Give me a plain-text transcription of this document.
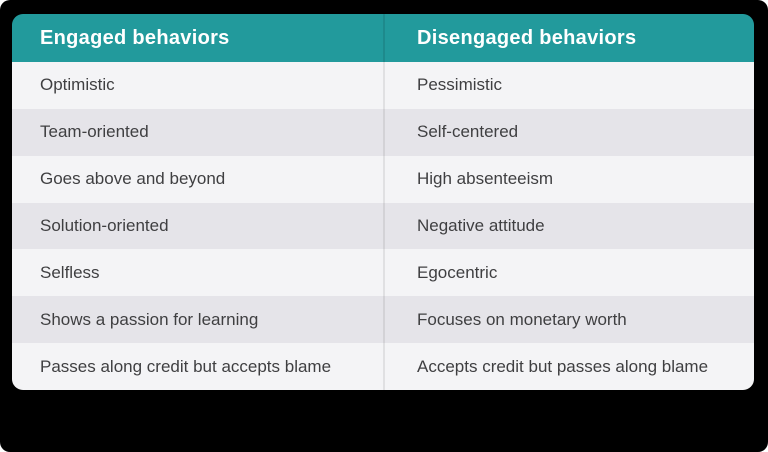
Engaged behaviors	Disengaged behaviors
Optimistic	Pessimistic
Team-oriented	Self-centered
Goes above and beyond	High absenteeism
Solution-oriented	Negative attitude
Selfless	Egocentric
Shows a passion for learning	Focuses on monetary worth
Passes along credit but accepts blame	Accepts credit but passes along blame
